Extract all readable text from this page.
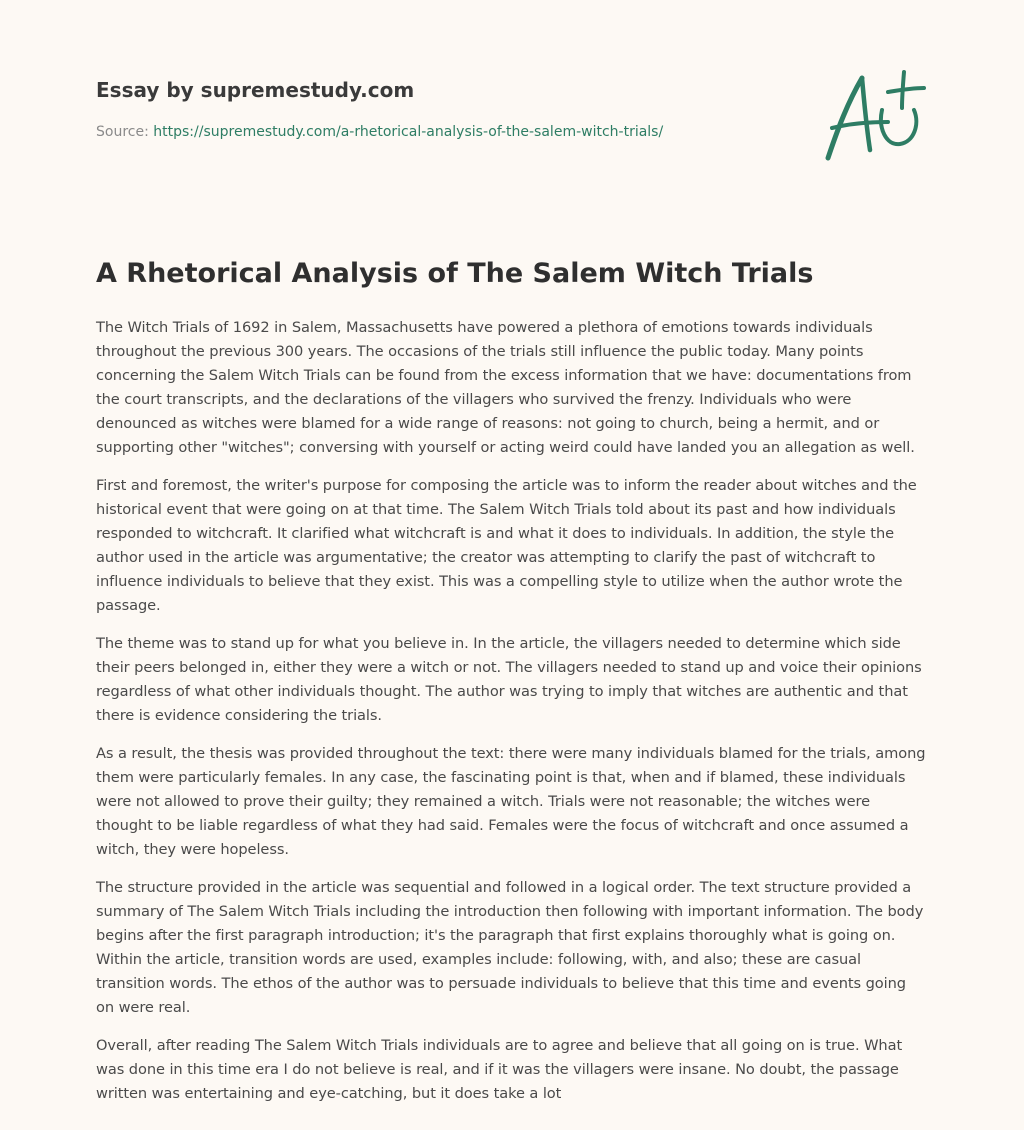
Essay by supremestudy.com
Source: https://supremestudy.com/a-rhetorical-analysis-of-the-salem-witch-trials/
A Rhetorical Analysis of The Salem Witch Trials

The Witch Trials of 1692 in Salem, Massachusetts have powered a plethora of emotions towards individuals throughout the previous 300 years. The occasions of the trials still influence the public today. Many points concerning the Salem Witch Trials can be found from the excess information that we have: documentations from the court transcripts, and the declarations of the villagers who survived the frenzy. Individuals who were denounced as witches were blamed for a wide range of reasons: not going to church, being a hermit, and or supporting other "witches"; conversing with yourself or acting weird could have landed you an allegation as well.

First and foremost, the writer's purpose for composing the article was to inform the reader about witches and the historical event that were going on at that time. The Salem Witch Trials told about its past and how individuals responded to witchcraft. It clarified what witchcraft is and what it does to individuals. In addition, the style the author used in the article was argumentative; the creator was attempting to clarify the past of witchcraft to influence individuals to believe that they exist. This was a compelling style to utilize when the author wrote the passage.

The theme was to stand up for what you believe in. In the article, the villagers needed to determine which side their peers belonged in, either they were a witch or not. The villagers needed to stand up and voice their opinions regardless of what other individuals thought. The author was trying to imply that witches are authentic and that there is evidence considering the trials.

As a result, the thesis was provided throughout the text: there were many individuals blamed for the trials, among them were particularly females. In any case, the fascinating point is that, when and if blamed, these individuals were not allowed to prove their guilty; they remained a witch. Trials were not reasonable; the witches were thought to be liable regardless of what they had said. Females were the focus of witchcraft and once assumed a witch, they were hopeless.

The structure provided in the article was sequential and followed in a logical order. The text structure provided a summary of The Salem Witch Trials including the introduction then following with important information. The body begins after the first paragraph introduction; it's the paragraph that first explains thoroughly what is going on. Within the article, transition words are used, examples include: following, with, and also; these are casual transition words. The ethos of the author was to persuade individuals to believe that this time and events going on were real.

Overall, after reading The Salem Witch Trials individuals are to agree and believe that all going on is true. What was done in this time era I do not believe is real, and if it was the villagers were insane. No doubt, the passage written was entertaining and eye-catching, but it does take a lot
